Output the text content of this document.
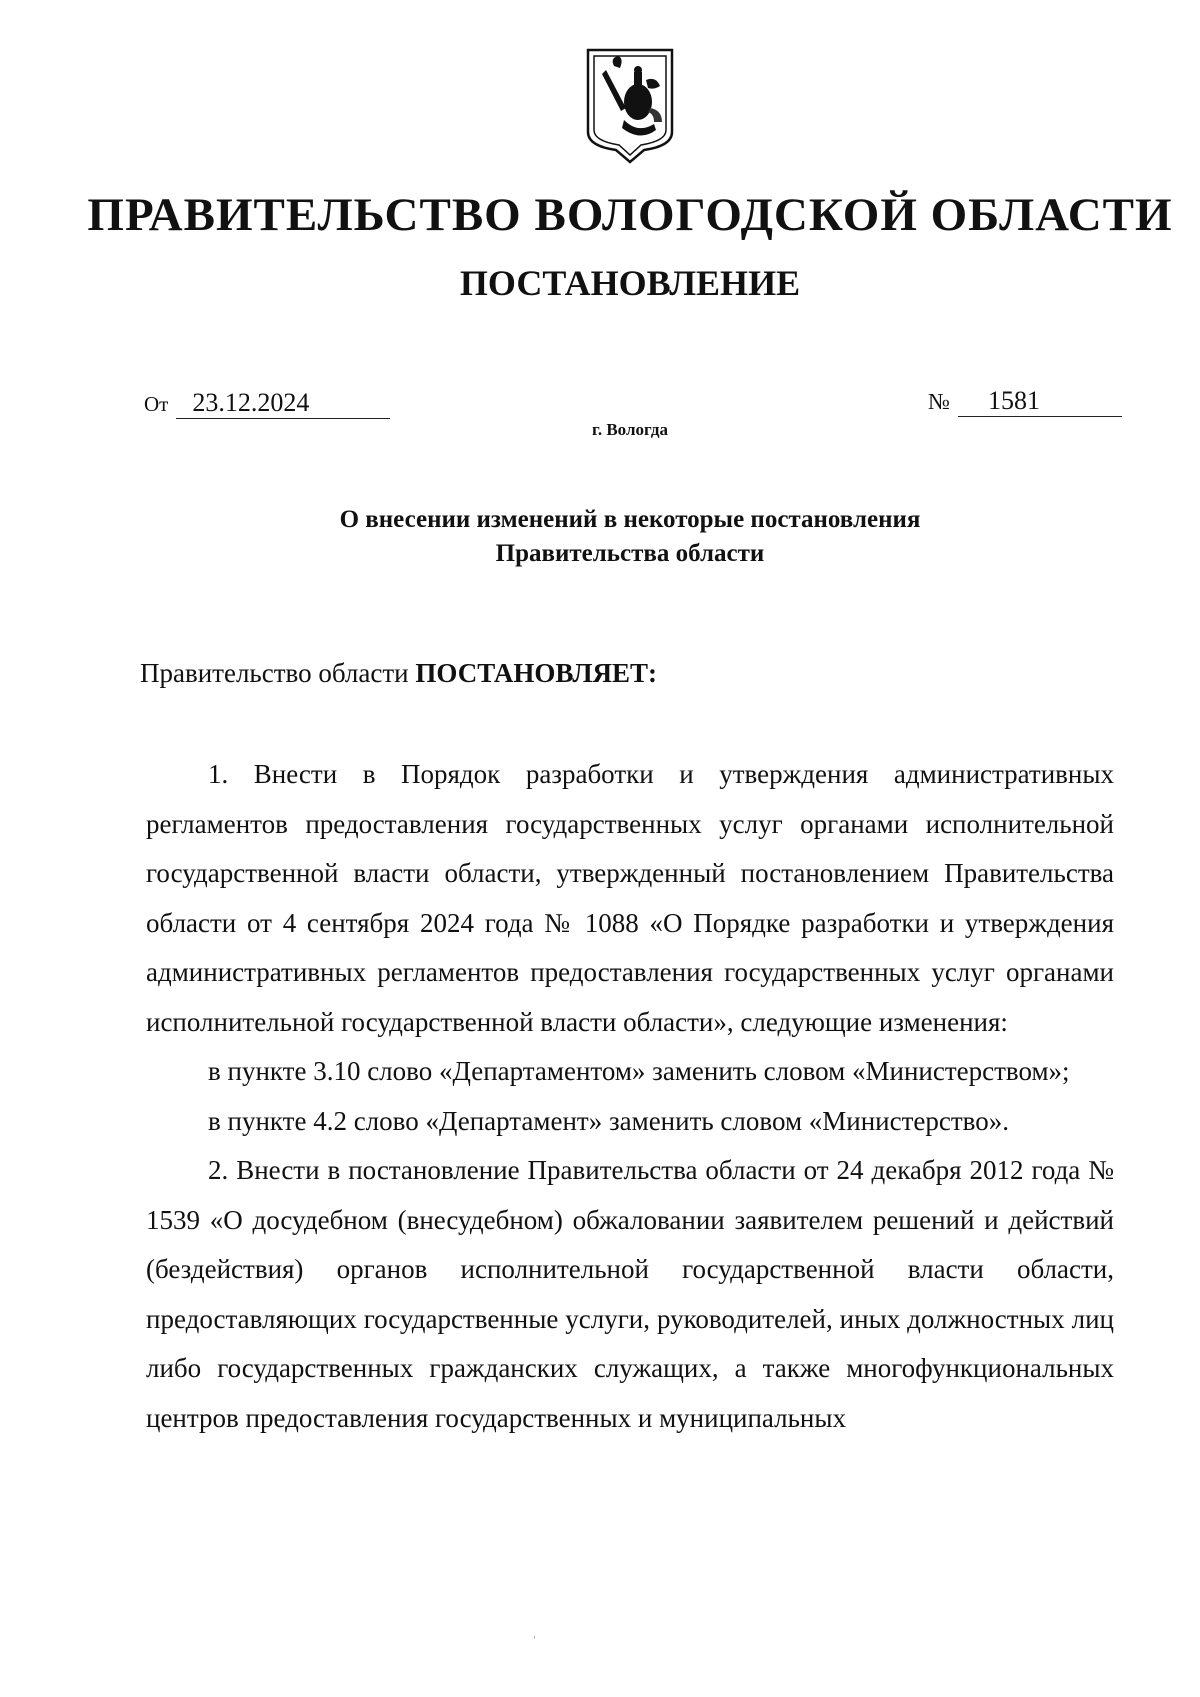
ПРАВИТЕЛЬСТВО ВОЛОГОДСКОЙ ОБЛАСТИ
ПОСТАНОВЛЕНИЕ
От 23.12.2024	№ 1581
г. Вологда
О внесении изменений в некоторые постановления
Правительства области
Правительство области ПОСТАНОВЛЯЕТ:

1. Внести в Порядок разработки и утверждения административных регламентов предоставления государственных услуг органами исполнительной государственной власти области, утвержденный постановлением Правительства области от 4 сентября 2024 года № 1088 «О Порядке разработки и утверждения административных регламентов предоставления государственных услуг органами исполнительной государственной власти области», следующие изменения:

в пункте 3.10 слово «Департаментом» заменить словом «Министерством»;

в пункте 4.2 слово «Департамент» заменить словом «Министерство».

2. Внести в постановление Правительства области от 24 декабря 2012 года № 1539 «О досудебном (внесудебном) обжаловании заявителем решений и действий (бездействия) органов исполнительной государственной власти области, предоставляющих государственные услуги, руководителей, иных должностных лиц либо государственных гражданских служащих, а также многофункциональных центров предоставления государственных и муниципальных
